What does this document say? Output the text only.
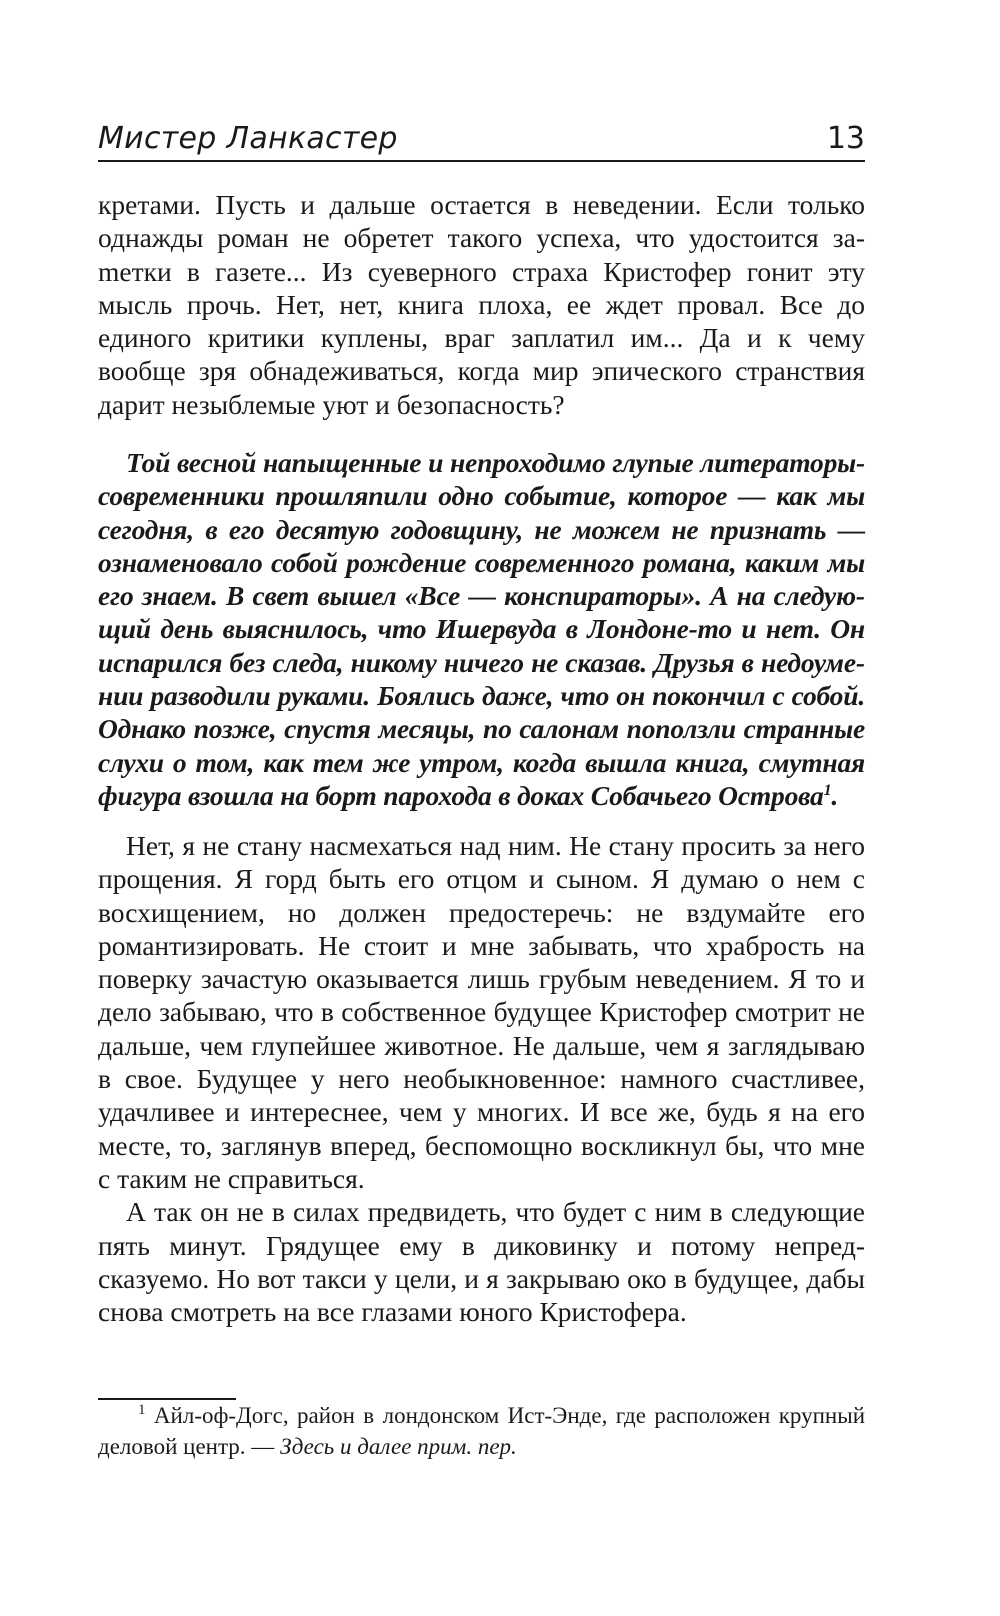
Мистер Ланкастер	13

кретами. Пусть и дальше остается в неведении. Если только однажды роман не обретет такого успеха, что удостоится заmетки в газете... Из суеверного страха Кристофер гонит эту мысль прочь. Нет, нет, книга плоха, ее ждет провал. Все до единого критики куплены, враг заплатил им... Да и к чему вообще зря обнадеживаться, когда мир эпического странствия дарит незыблемые уют и безопасность?

Той весной напыщенные и непроходимо глупые литераторы-современники прошляпили одно событие, которое — как мы сегодня, в его десятую годовщину, не можем не признать — ознаменовало собой рождение современного романа, каким мы его знаем. В свет вышел «Все — конспираторы». А на следующий день выяснилось, что Ишервуда в Лондоне-то и нет. Он испарился без следа, никому ничего не сказав. Друзья в недоумении разводили руками. Боялись даже, что он покончил с собой. Однако позже, спустя месяцы, по салонам поползли странные слухи о том, как тем же утром, когда вышла книга, смутная фигура взошла на борт парохода в доках Собачьего Острова$^1$.

Нет, я не стану насмехаться над ним. Не стану просить за него прощения. Я горд быть его отцом и сыном. Я думаю о нем с восхищением, но должен предостеречь: не вздумайте его романтизировать. Не стоит и мне забывать, что храбрость на поверку зачастую оказывается лишь грубым неведением. Я то и дело забываю, что в собственное будущее Кристофер смотрит не дальше, чем глупейшее животное. Не дальше, чем я заглядываю в свое. Будущее у него необыкновенное: намного счастливее, удачливее и интереснее, чем у многих. И все же, будь я на его месте, то, заглянув вперед, беспомощно воскликнул бы, что мне с таким не справиться.

А так он не в силах предвидеть, что будет с ним в следующие пять минут. Грядущее ему в диковинку и потому непредсказуемо. Но вот такси у цели, и я закрываю око в будущее, дабы снова смотреть на все глазами юного Кристофера.

$^1$ Айл-оф-Догс, район в лондонском Ист-Энде, где расположен крупный деловой центр. — Здесь и далее прим. пер.
